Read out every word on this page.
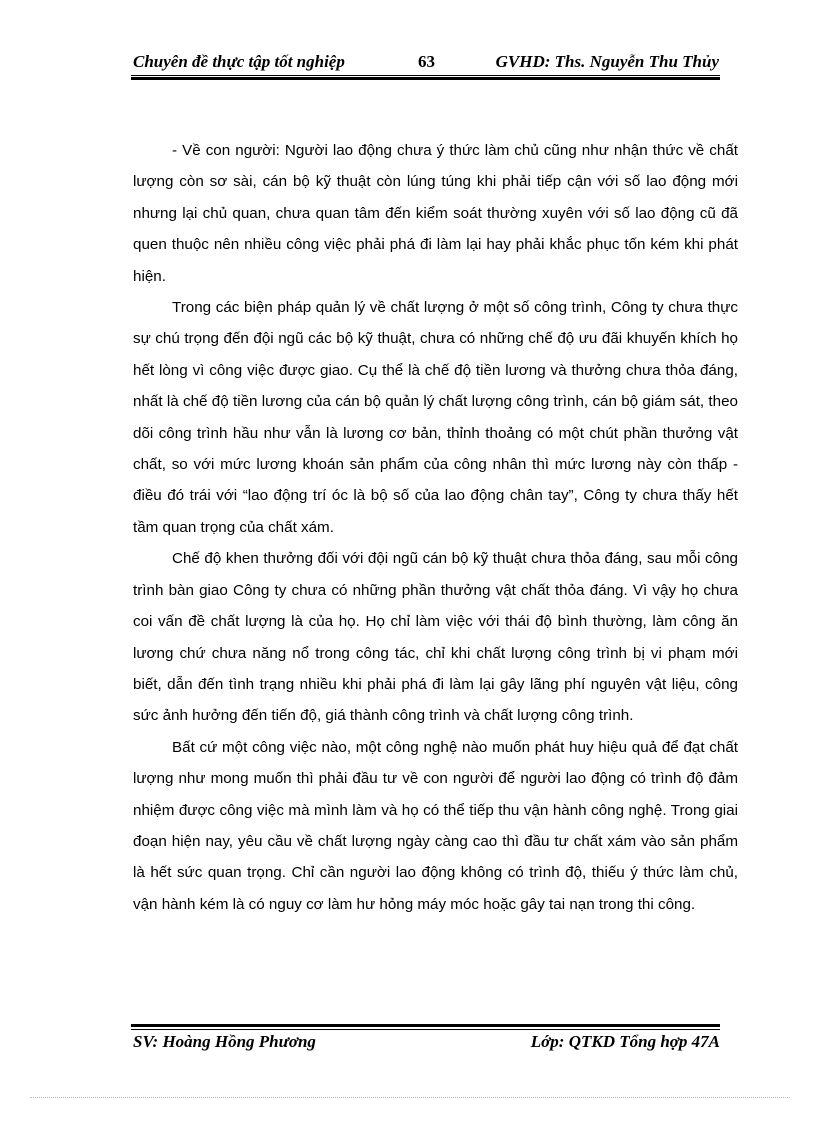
Chuyên đề thực tập tốt nghiệp	63	GVHD: Ths. Nguyễn Thu Thủy

- Về con người: Người lao động chưa ý thức làm chủ cũng như nhận thức về chất lượng còn sơ sài, cán bộ kỹ thuật còn lúng túng khi phải tiếp cận với số lao động mới nhưng lại chủ quan, chưa quan tâm đến kiểm soát thường xuyên với số lao động cũ đã quen thuộc nên nhiều công việc phải phá đi làm lại hay phải khắc phục tốn kém khi phát hiện.

Trong các biện pháp quản lý về chất lượng ở một số công trình, Công ty chưa thực sự chú trọng đến đội ngũ các bộ kỹ thuật, chưa có những chế độ ưu đãi khuyến khích họ hết lòng vì công việc được giao. Cụ thể là chế độ tiền lương và thưởng chưa thỏa đáng, nhất là chế độ tiền lương của cán bộ quản lý chất lượng công trình, cán bộ giám sát, theo dõi công trình hầu như vẫn là lương cơ bản, thỉnh thoảng có một chút phần thưởng vật chất, so với mức lương khoán sản phẩm của công nhân thì mức lương này còn thấp - điều đó trái với “lao động trí óc là bộ số của lao động chân tay”, Công ty chưa thấy hết tầm quan trọng của chất xám.

Chế độ khen thưởng đối với đội ngũ cán bộ kỹ thuật chưa thỏa đáng, sau mỗi công trình bàn giao Công ty chưa có những phần thưởng vật chất thỏa đáng. Vì vậy họ chưa coi vấn đề chất lượng là của họ. Họ chỉ làm việc với thái độ bình thường, làm công ăn lương chứ chưa năng nổ trong công tác, chỉ khi chất lượng công trình bị vi phạm mới biết, dẫn đến tình trạng nhiều khi phải phá đi làm lại gây lãng phí nguyên vật liệu, công sức ảnh hưởng đến tiến độ, giá thành công trình và chất lượng công trình.

Bất cứ một công việc nào, một công nghệ nào muốn phát huy hiệu quả để đạt chất lượng như mong muốn thì phải đầu tư về con người để người lao động có trình độ đảm nhiệm được công việc mà mình làm và họ có thể tiếp thu vận hành công nghệ. Trong giai đoạn hiện nay, yêu cầu về chất lượng ngày càng cao thì đầu tư chất xám vào sản phẩm là hết sức quan trọng. Chỉ cần người lao động không có trình độ, thiếu ý thức làm chủ, vận hành kém là có nguy cơ làm hư hỏng máy móc hoặc gây tai nạn trong thi công.

SV: Hoàng Hồng Phương	Lớp: QTKD Tổng hợp 47A
